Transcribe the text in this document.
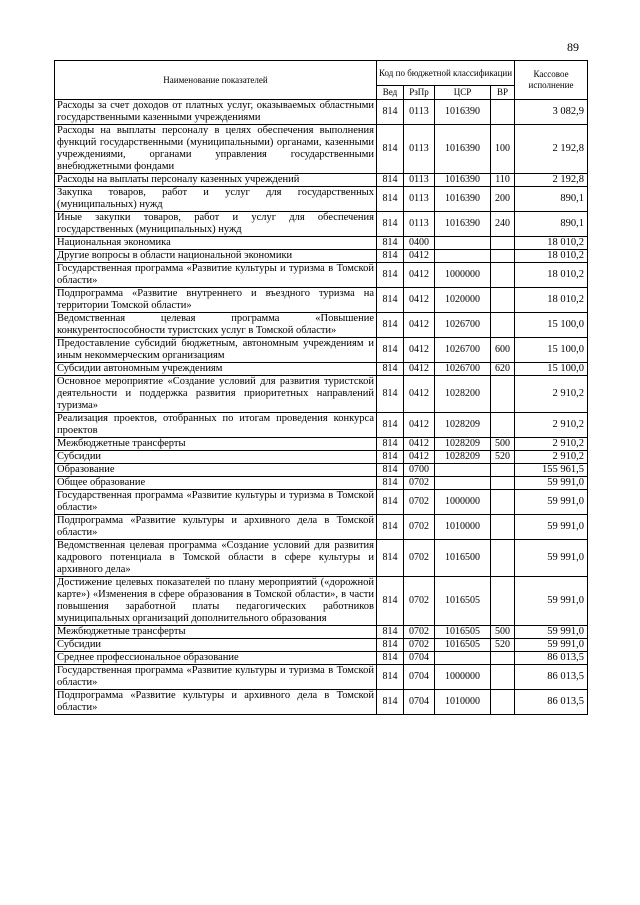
89
Наименование показателей	Код по бюджетной классификации				Кассовое исполнение
	Вед	РзПр	ЦСР	ВР	
Расходы за счет доходов от платных услуг, оказываемых областными государственными казенными учреждениями	814	0113	1016390		3 082,9
Расходы на выплаты персоналу в целях обеспечения выполнения функций государственными (муниципальными) органами, казенными учреждениями, органами управления государственными внебюджетными фондами	814	0113	1016390	100	2 192,8
Расходы на выплаты персоналу казенных учреждений	814	0113	1016390	110	2 192,8
Закупка товаров, работ и услуг для государственных (муниципальных) нужд	814	0113	1016390	200	890,1
Иные закупки товаров, работ и услуг для обеспечения государственных (муниципальных) нужд	814	0113	1016390	240	890,1
Национальная экономика	814	0400			18 010,2
Другие вопросы в области национальной экономики	814	0412			18 010,2
Государственная программа «Развитие культуры и туризма в Томской области»	814	0412	1000000		18 010,2
Подпрограмма «Развитие внутреннего и въездного туризма на территории Томской области»	814	0412	1020000		18 010,2
Ведомственная целевая программа «Повышение конкурентоспособности туристских услуг в Томской области»	814	0412	1026700		15 100,0
Предоставление субсидий бюджетным, автономным учреждениям и иным некоммерческим организациям	814	0412	1026700	600	15 100,0
Субсидии автономным учреждениям	814	0412	1026700	620	15 100,0
Основное мероприятие «Создание условий для развития туристской деятельности и поддержка развития приоритетных направлений туризма»	814	0412	1028200		2 910,2
Реализация проектов, отобранных по итогам проведения конкурса проектов	814	0412	1028209		2 910,2
Межбюджетные трансферты	814	0412	1028209	500	2 910,2
Субсидии	814	0412	1028209	520	2 910,2
Образование	814	0700			155 961,5
Общее образование	814	0702			59 991,0
Государственная программа «Развитие культуры и туризма в Томской области»	814	0702	1000000		59 991,0
Подпрограмма «Развитие культуры и архивного дела в Томской области»	814	0702	1010000		59 991,0
Ведомственная целевая программа «Создание условий для развития кадрового потенциала в Томской области в сфере культуры и архивного дела»	814	0702	1016500		59 991,0
Достижение целевых показателей по плану мероприятий («дорожной карте») «Изменения в сфере образования в Томской области», в части повышения заработной платы педагогических работников муниципальных организаций дополнительного образования	814	0702	1016505		59 991,0
Межбюджетные трансферты	814	0702	1016505	500	59 991,0
Субсидии	814	0702	1016505	520	59 991,0
Среднее профессиональное образование	814	0704			86 013,5
Государственная программа «Развитие культуры и туризма в Томской области»	814	0704	1000000		86 013,5
Подпрограмма «Развитие культуры и архивного дела в Томской области»	814	0704	1010000		86 013,5
